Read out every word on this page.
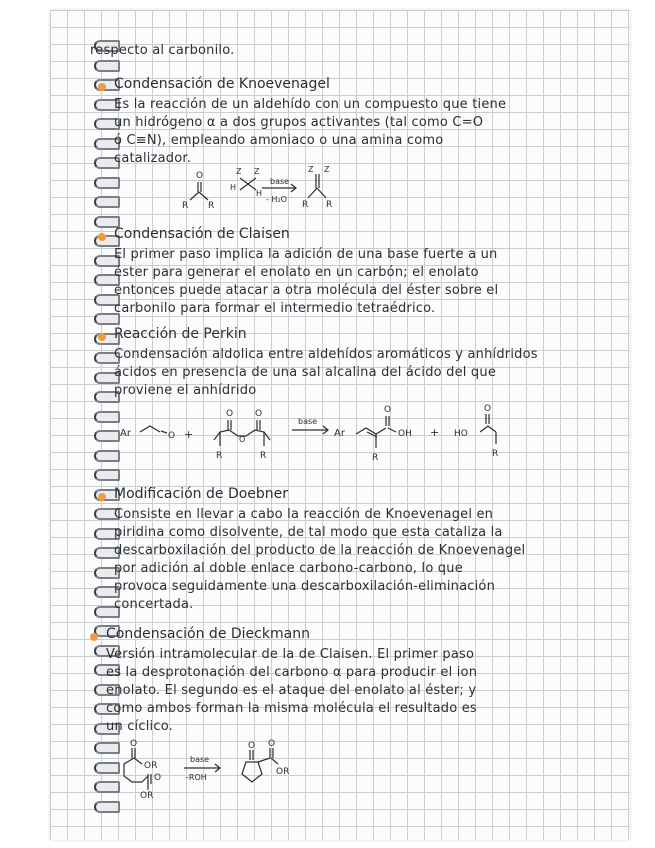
respecto al carbonilo.
Condensación de Knoevenagel
Es la reacción de un aldehído con un compuesto que tiene
un hidrógeno α a dos grupos activantes (tal como C=O
ó C≡N), empleando amoniaco o una amina como
catalizador.
O
R R
Z Z
H
H
base
- H₂O
Z Z
R R
Condensación de Claisen
El primer paso implica la adición de una base fuerte a un
éster para generar el enolato en un carbón; el enolato
entonces puede atacar a otra molécula del éster sobre el
carbonilo para formar el intermedio tetraédrico.
Reacción de Perkin
Condensación aldolica entre aldehídos aromáticos y anhídridos
ácidos en presencia de una sal alcalina del ácido del que
proviene el anhídrido
Ar	O +
O
O
O
R	R
base
Ar
O
OH
R
+ HO
O
R
Modificación de Doebner
Consiste en llevar a cabo la reacción de Knoevenagel en
piridina como disolvente, de tal modo que esta cataliza la
descarboxilación del producto de la reacción de Knoevenagel
por adición al doble enlace carbono-carbono, lo que
provoca seguidamente una descarboxilación-eliminación
concertada.
Condensación de Dieckmann
Versión intramolecular de la de Claisen. El primer paso
es la desprotonación del carbono α para producir el ion
enolato. El segundo es el ataque del enolato al éster; y
como ambos forman la misma molécula el resultado es
un cíclico.
O
OR
O
OR
base
-ROH
O O
OR
